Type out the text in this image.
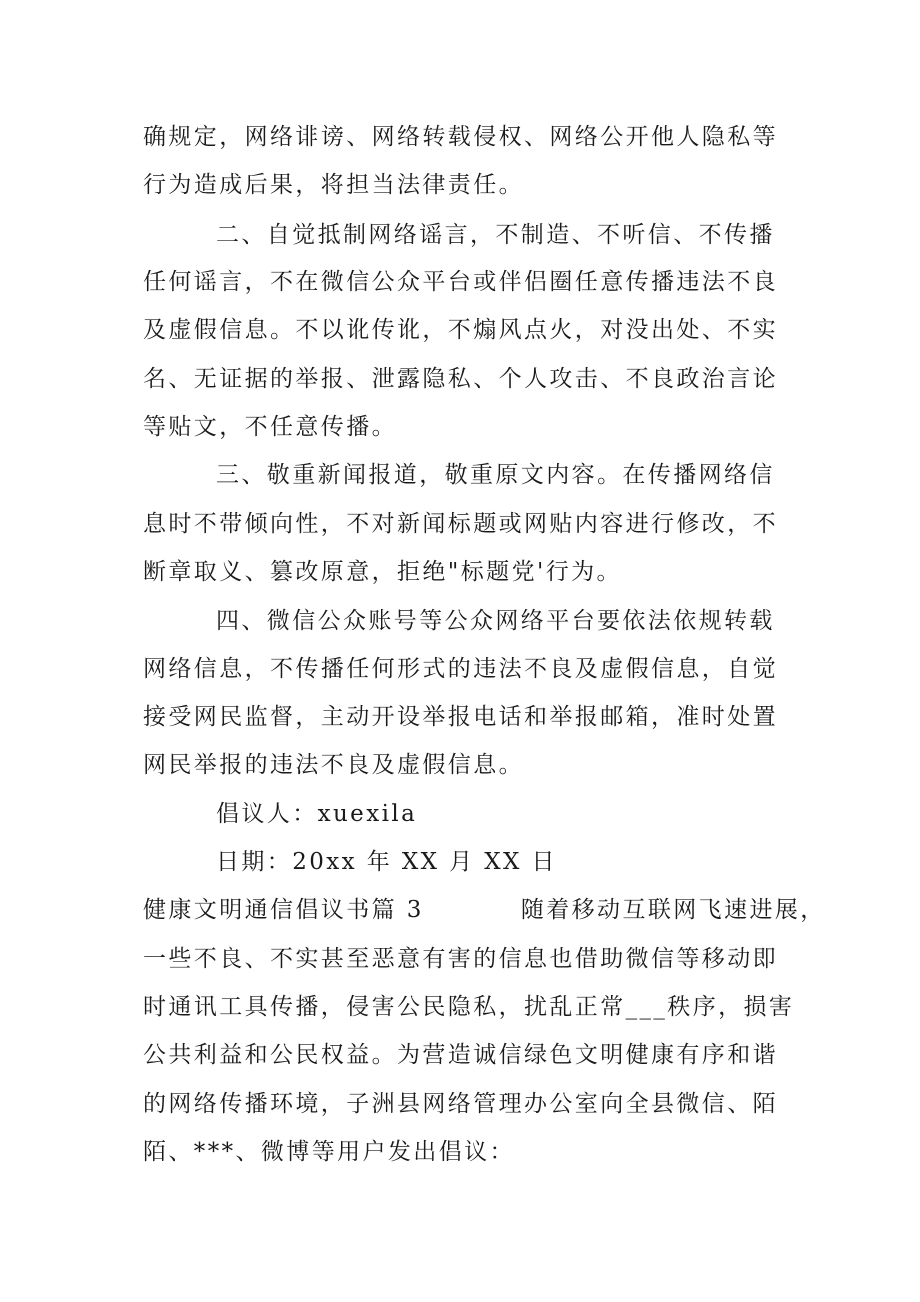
确规定，网络诽谤、网络转载侵权、网络公开他人隐私等
行为造成后果，将担当法律责任。
二、自觉抵制网络谣言，不制造、不听信、不传播
任何谣言，不在微信公众平台或伴侣圈任意传播违法不良
及虚假信息。不以讹传讹，不煽风点火，对没出处、不实
名、无证据的举报、泄露隐私、个人攻击、不良政治言论
等贴文，不任意传播。
三、敬重新闻报道，敬重原文内容。在传播网络信
息时不带倾向性，不对新闻标题或网贴内容进行修改，不
断章取义、篡改原意，拒绝"标题党'行为。
四、微信公众账号等公众网络平台要依法依规转载
网络信息，不传播任何形式的违法不良及虚假信息，自觉
接受网民监督，主动开设举报电话和举报邮箱，准时处置
网民举报的违法不良及虚假信息。
倡议人：xuexila
日期：20xx 年 XX 月 XX 日
健康文明通信倡议书篇 3          随着移动互联网飞速进展，
一些不良、不实甚至恶意有害的信息也借助微信等移动即
时通讯工具传播，侵害公民隐私，扰乱正常___秩序，损害
公共利益和公民权益。为营造诚信绿色文明健康有序和谐
的网络传播环境，子洲县网络管理办公室向全县微信、陌
陌、***、微博等用户发出倡议：
